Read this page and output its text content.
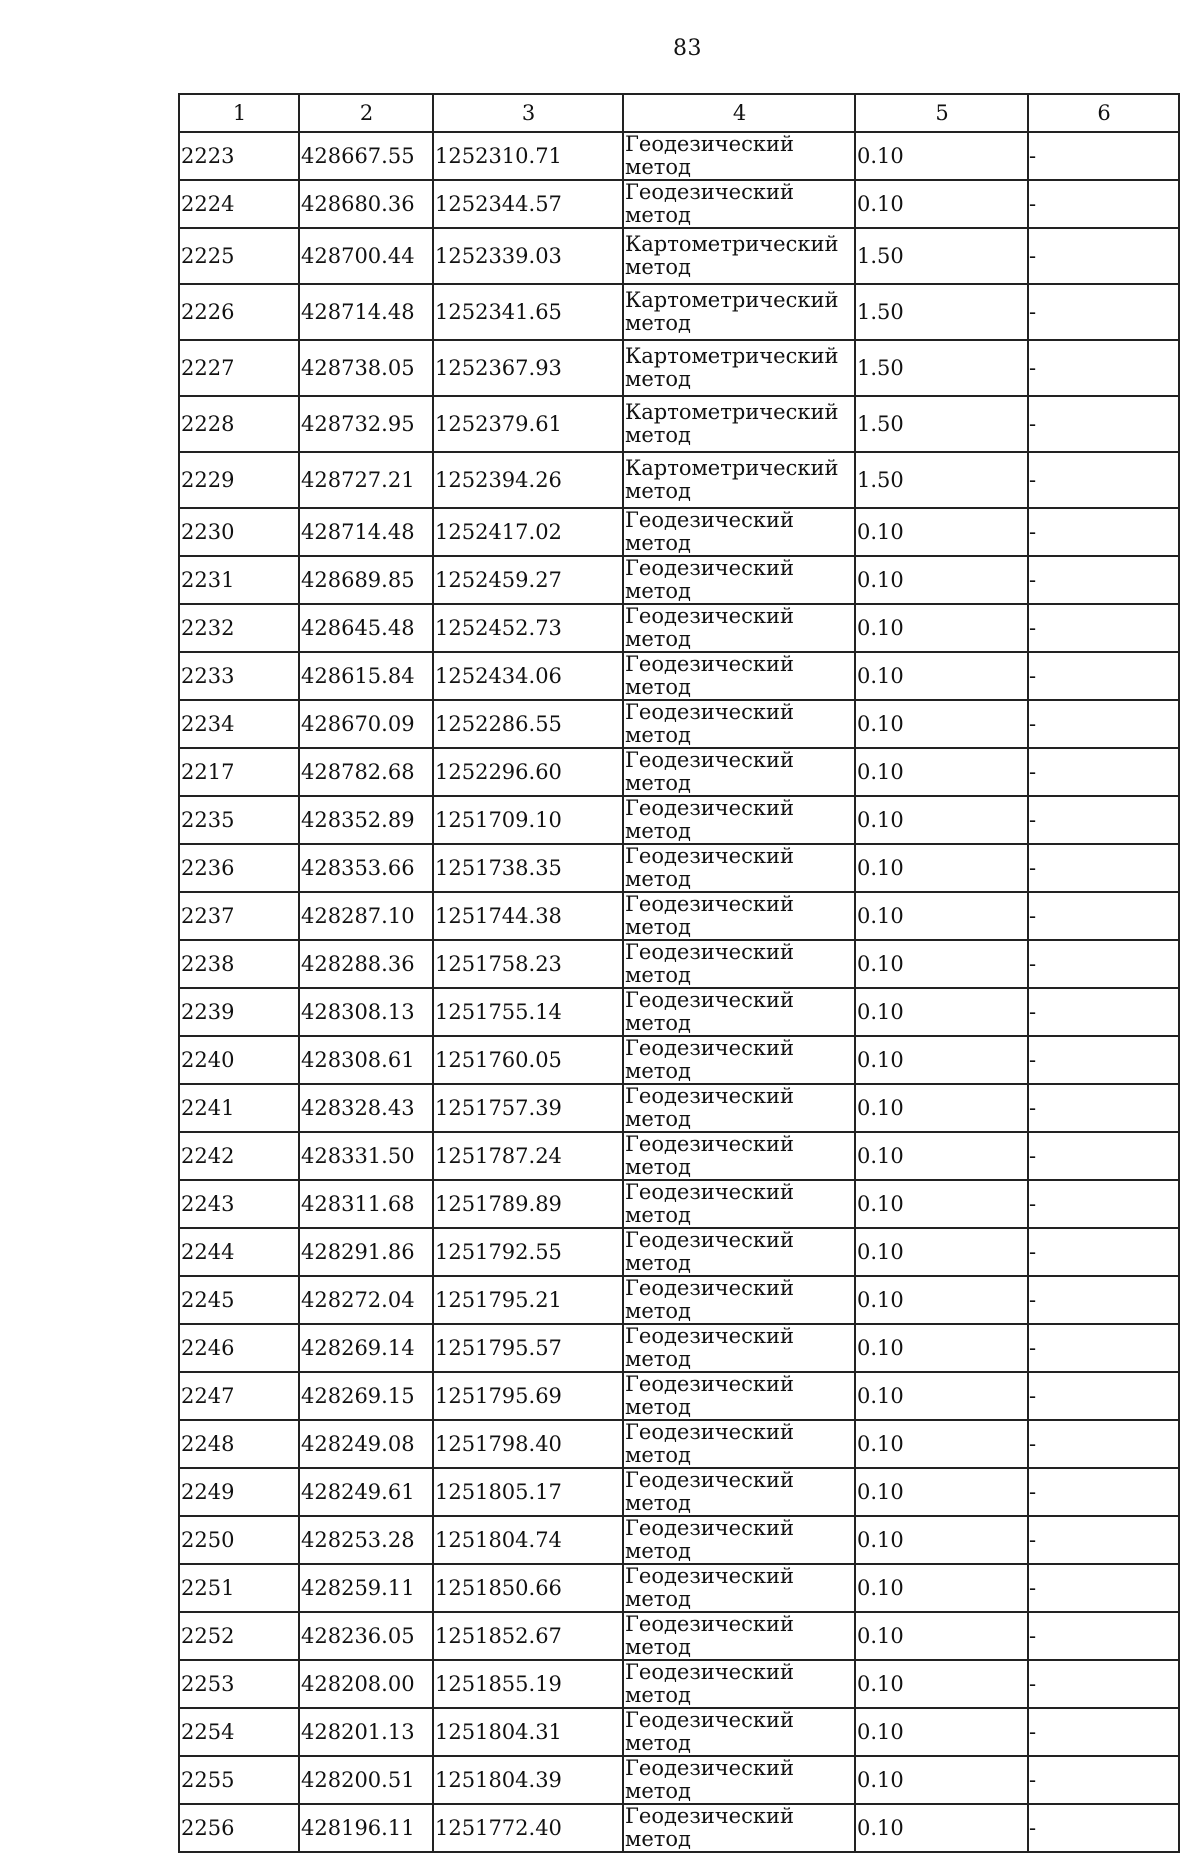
83
1	2	3	4	5	6
2223	428667.55	1252310.71	Геодезический метод	0.10	-
2224	428680.36	1252344.57	Геодезический метод	0.10	-
2225	428700.44	1252339.03	Картометрический метод	1.50	-
2226	428714.48	1252341.65	Картометрический метод	1.50	-
2227	428738.05	1252367.93	Картометрический метод	1.50	-
2228	428732.95	1252379.61	Картометрический метод	1.50	-
2229	428727.21	1252394.26	Картометрический метод	1.50	-
2230	428714.48	1252417.02	Геодезический метод	0.10	-
2231	428689.85	1252459.27	Геодезический метод	0.10	-
2232	428645.48	1252452.73	Геодезический метод	0.10	-
2233	428615.84	1252434.06	Геодезический метод	0.10	-
2234	428670.09	1252286.55	Геодезический метод	0.10	-
2217	428782.68	1252296.60	Геодезический метод	0.10	-
2235	428352.89	1251709.10	Геодезический метод	0.10	-
2236	428353.66	1251738.35	Геодезический метод	0.10	-
2237	428287.10	1251744.38	Геодезический метод	0.10	-
2238	428288.36	1251758.23	Геодезический метод	0.10	-
2239	428308.13	1251755.14	Геодезический метод	0.10	-
2240	428308.61	1251760.05	Геодезический метод	0.10	-
2241	428328.43	1251757.39	Геодезический метод	0.10	-
2242	428331.50	1251787.24	Геодезический метод	0.10	-
2243	428311.68	1251789.89	Геодезический метод	0.10	-
2244	428291.86	1251792.55	Геодезический метод	0.10	-
2245	428272.04	1251795.21	Геодезический метод	0.10	-
2246	428269.14	1251795.57	Геодезический метод	0.10	-
2247	428269.15	1251795.69	Геодезический метод	0.10	-
2248	428249.08	1251798.40	Геодезический метод	0.10	-
2249	428249.61	1251805.17	Геодезический метод	0.10	-
2250	428253.28	1251804.74	Геодезический метод	0.10	-
2251	428259.11	1251850.66	Геодезический метод	0.10	-
2252	428236.05	1251852.67	Геодезический метод	0.10	-
2253	428208.00	1251855.19	Геодезический метод	0.10	-
2254	428201.13	1251804.31	Геодезический метод	0.10	-
2255	428200.51	1251804.39	Геодезический метод	0.10	-
2256	428196.11	1251772.40	Геодезический метод	0.10	-
